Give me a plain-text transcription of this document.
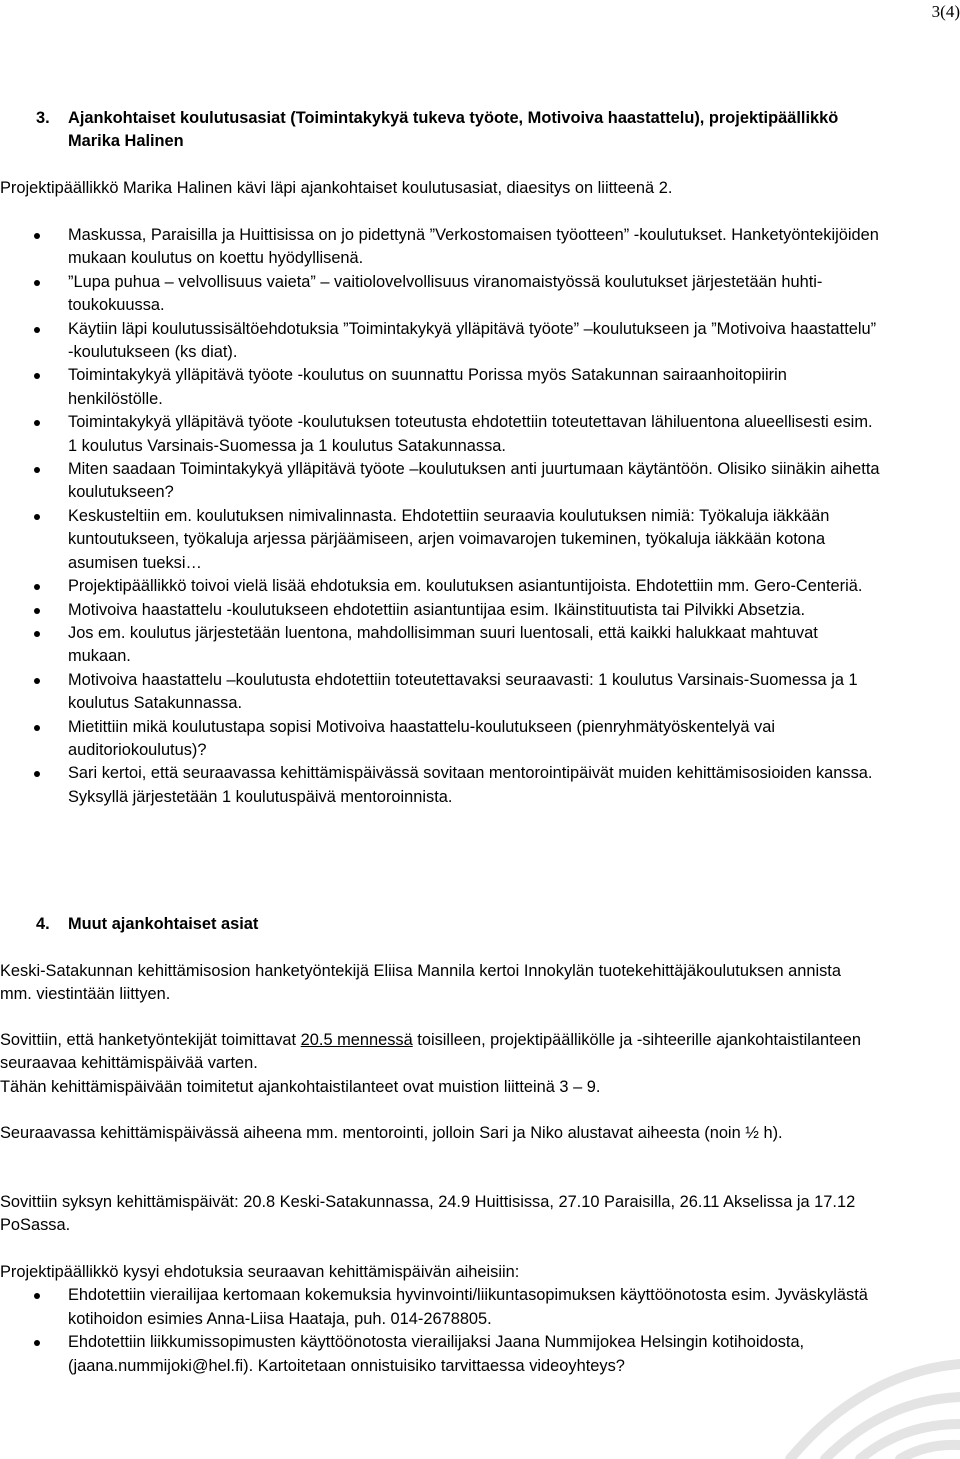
3(4)
3. Ajankohtaiset koulutusasiat (Toimintakykyä tukeva työote, Motivoiva haastattelu), projektipäällikkö Marika Halinen

Projektipäällikkö Marika Halinen kävi läpi ajankohtaiset koulutusasiat, diaesitys on liitteenä 2.

Maskussa, Paraisilla ja Huittisissa on jo pidettynä ”Verkostomaisen työotteen” -koulutukset. Hanketyöntekijöiden mukaan koulutus on koettu hyödyllisenä.
”Lupa puhua – velvollisuus vaieta” – vaitiolovelvollisuus viranomaistyössä koulutukset järjestetään huhti-toukokuussa.
Käytiin läpi koulutussisältöehdotuksia ”Toimintakykyä ylläpitävä työote” –koulutukseen ja ”Motivoiva haastattelu” -koulutukseen (ks diat).
Toimintakykyä ylläpitävä työote -koulutus on suunnattu Porissa myös Satakunnan sairaanhoitopiirin henkilöstölle.
Toimintakykyä ylläpitävä työote -koulutuksen toteutusta ehdotettiin toteutettavan lähiluentona alueellisesti esim. 1 koulutus Varsinais-Suomessa ja 1 koulutus Satakunnassa.
Miten saadaan Toimintakykyä ylläpitävä työote –koulutuksen anti juurtumaan käytäntöön. Olisiko siinäkin aihetta koulutukseen?
Keskusteltiin em. koulutuksen nimivalinnasta. Ehdotettiin seuraavia koulutuksen nimiä: Työkaluja iäkkään kuntoutukseen, työkaluja arjessa pärjäämiseen, arjen voimavarojen tukeminen, työkaluja iäkkään kotona asumisen tueksi…
Projektipäällikkö toivoi vielä lisää ehdotuksia em. koulutuksen asiantuntijoista. Ehdotettiin mm. Gero-Centeriä.
Motivoiva haastattelu -koulutukseen ehdotettiin asiantuntijaa esim. Ikäinstituutista tai Pilvikki Absetzia.
Jos em. koulutus järjestetään luentona, mahdollisimman suuri luentosali, että kaikki halukkaat mahtuvat mukaan.
Motivoiva haastattelu –koulutusta ehdotettiin toteutettavaksi seuraavasti: 1 koulutus Varsinais-Suomessa ja 1 koulutus Satakunnassa.
Mietittiin mikä koulutustapa sopisi Motivoiva haastattelu-koulutukseen (pienryhmätyöskentelyä vai auditoriokoulutus)?
Sari kertoi, että seuraavassa kehittämispäivässä sovitaan mentorointipäivät muiden kehittämisosioiden kanssa. Syksyllä järjestetään 1 koulutuspäivä mentoroinnista.
4. Muut ajankohtaiset asiat

Keski-Satakunnan kehittämisosion hanketyöntekijä Eliisa Mannila kertoi Innokylän tuotekehittäjäkoulutuksen annista mm. viestintään liittyen.

Sovittiin, että hanketyöntekijät toimittavat 20.5 mennessä toisilleen, projektipäällikölle ja -sihteerille ajankohtaistilanteen seuraavaa kehittämispäivää varten.

Tähän kehittämispäivään toimitetut ajankohtaistilanteet ovat muistion liitteinä 3 – 9.

Seuraavassa kehittämispäivässä aiheena mm. mentorointi, jolloin Sari ja Niko alustavat aiheesta (noin ½ h).

Sovittiin syksyn kehittämispäivät: 20.8 Keski-Satakunnassa, 24.9 Huittisissa, 27.10 Paraisilla, 26.11 Akselissa ja 17.12 PoSassa.

Projektipäällikkö kysyi ehdotuksia seuraavan kehittämispäivän aiheisiin:

Ehdotettiin vierailijaa kertomaan kokemuksia hyvinvointi/liikuntasopimuksen käyttöönotosta esim. Jyväskylästä kotihoidon esimies Anna-Liisa Haataja, puh. 014-2678805.
Ehdotettiin liikkumissopimusten käyttöönotosta vierailijaksi Jaana Nummijokea Helsingin kotihoidosta, (jaana.nummijoki@hel.fi). Kartoitetaan onnistuisiko tarvittaessa videoyhteys?
